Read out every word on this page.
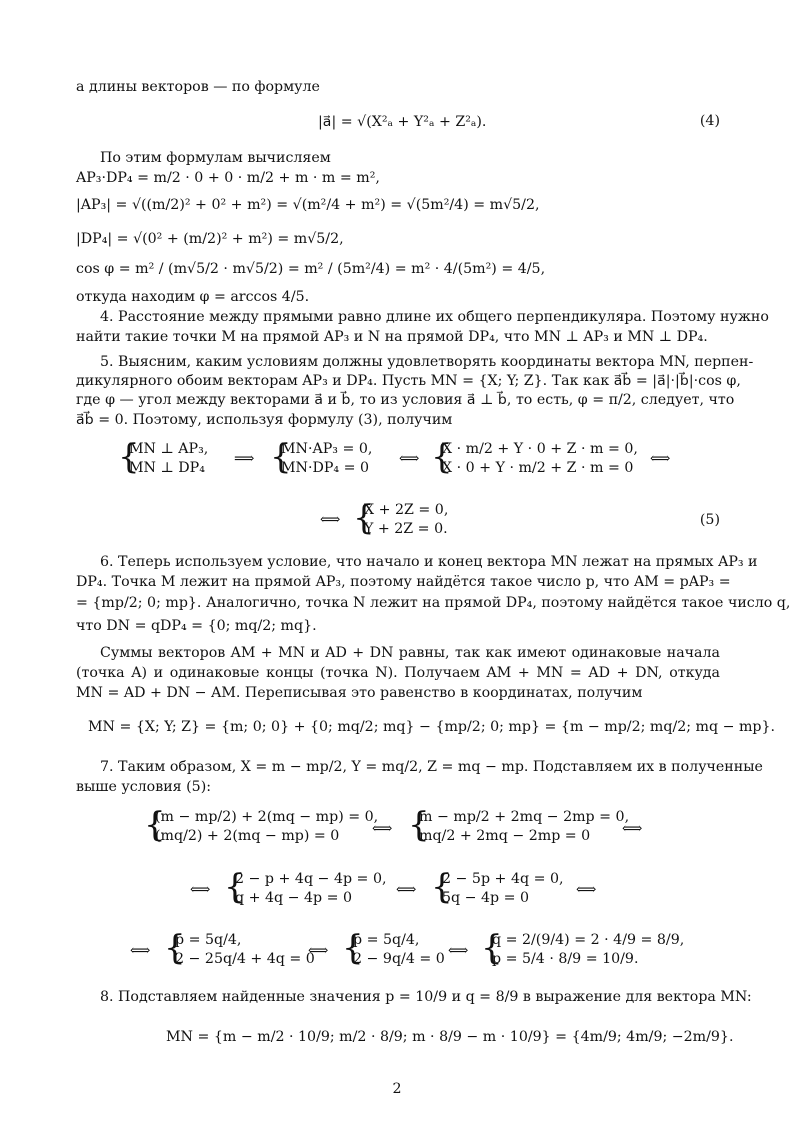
а длины векторов — по формуле
|a⃗| = √(X²ₐ + Y²ₐ + Z²ₐ).	(4)
По этим формулам вычисляем
AP₃·DP₄ = m/2 · 0 + 0 · m/2 + m · m = m²,
|AP₃| = √((m/2)² + 0² + m²) = √(m²/4 + m²) = √(5m²/4) = m√5/2,
|DP₄| = √(0² + (m/2)² + m²) = m√5/2,
cos φ = m² / (m√5/2 · m√5/2) = m² / (5m²/4) = m² · 4/(5m²) = 4/5,
откуда находим φ = arccos 4/5.
4. Расстояние между прямыми равно длине их общего перпендикуляра. Поэтому нужно
найти такие точки M на прямой AP₃ и N на прямой DP₄, что MN ⊥ AP₃ и MN ⊥ DP₄.
5. Выясним, каким условиям должны удовлетворять координаты вектора MN, перпен-
дикулярного обоим векторам AP₃ и DP₄. Пусть MN = {X; Y; Z}. Так как a⃗b⃗ = |a⃗|·|b⃗|·cos φ,
где φ — угол между векторами a⃗ и b⃗, то из условия a⃗ ⊥ b⃗, то есть, φ = π/2, следует, что
a⃗b⃗ = 0. Поэтому, используя формулу (3), получим
{
MN ⊥ AP₃,
MN ⊥ DP₄
⟹ {
MN·AP₃ = 0,
MN·DP₄ = 0
⟺ {
X · m/2 + Y · 0 + Z · m = 0,
X · 0 + Y · m/2 + Z · m = 0
⟺
⟺ {
X + 2Z = 0,
Y + 2Z = 0.
(5)
6. Теперь используем условие, что начало и конец вектора MN лежат на прямых AP₃ и
DP₄. Точка M лежит на прямой AP₃, поэтому найдётся такое число p, что AM = pAP₃ =
= {mp/2; 0; mp}. Аналогично, точка N лежит на прямой DP₄, поэтому найдётся такое число q,
что DN = qDP₄ = {0; mq/2; mq}.
Суммы векторов AM + MN и AD + DN равны, так как имеют одинаковые начала
(точка A) и одинаковые концы (точка N). Получаем AM + MN = AD + DN, откуда
MN = AD + DN − AM. Переписывая это равенство в координатах, получим
MN = {X; Y; Z} = {m; 0; 0} + {0; mq/2; mq} − {mp/2; 0; mp} = {m − mp/2; mq/2; mq − mp}.
7. Таким образом, X = m − mp/2, Y = mq/2, Z = mq − mp. Подставляем их в полученные
выше условия (5):
{
(m − mp/2) + 2(mq − mp) = 0,
(mq/2) + 2(mq − mp) = 0	⟺ {
m − mp/2 + 2mq − 2mp = 0,
mq/2 + 2mq − 2mp = 0	⟺
⟺ {
2 − p + 4q − 4p = 0,
q + 4q − 4p = 0	⟺ {
2 − 5p + 4q = 0,
5q − 4p = 0	⟺
⟺ {
p = 5q/4,
2 − 25q/4 + 4q = 0
⟺ {
p = 5q/4,
2 − 9q/4 = 0 ⟺ {
q = 2/(9/4) = 2 · 4/9 = 8/9,
p = 5/4 · 8/9 = 10/9.
8. Подставляем найденные значения p = 10/9 и q = 8/9 в выражение для вектора MN:
MN = {m − m/2 · 10/9; m/2 · 8/9; m · 8/9 − m · 10/9} = {4m/9; 4m/9; −2m/9}.
2
